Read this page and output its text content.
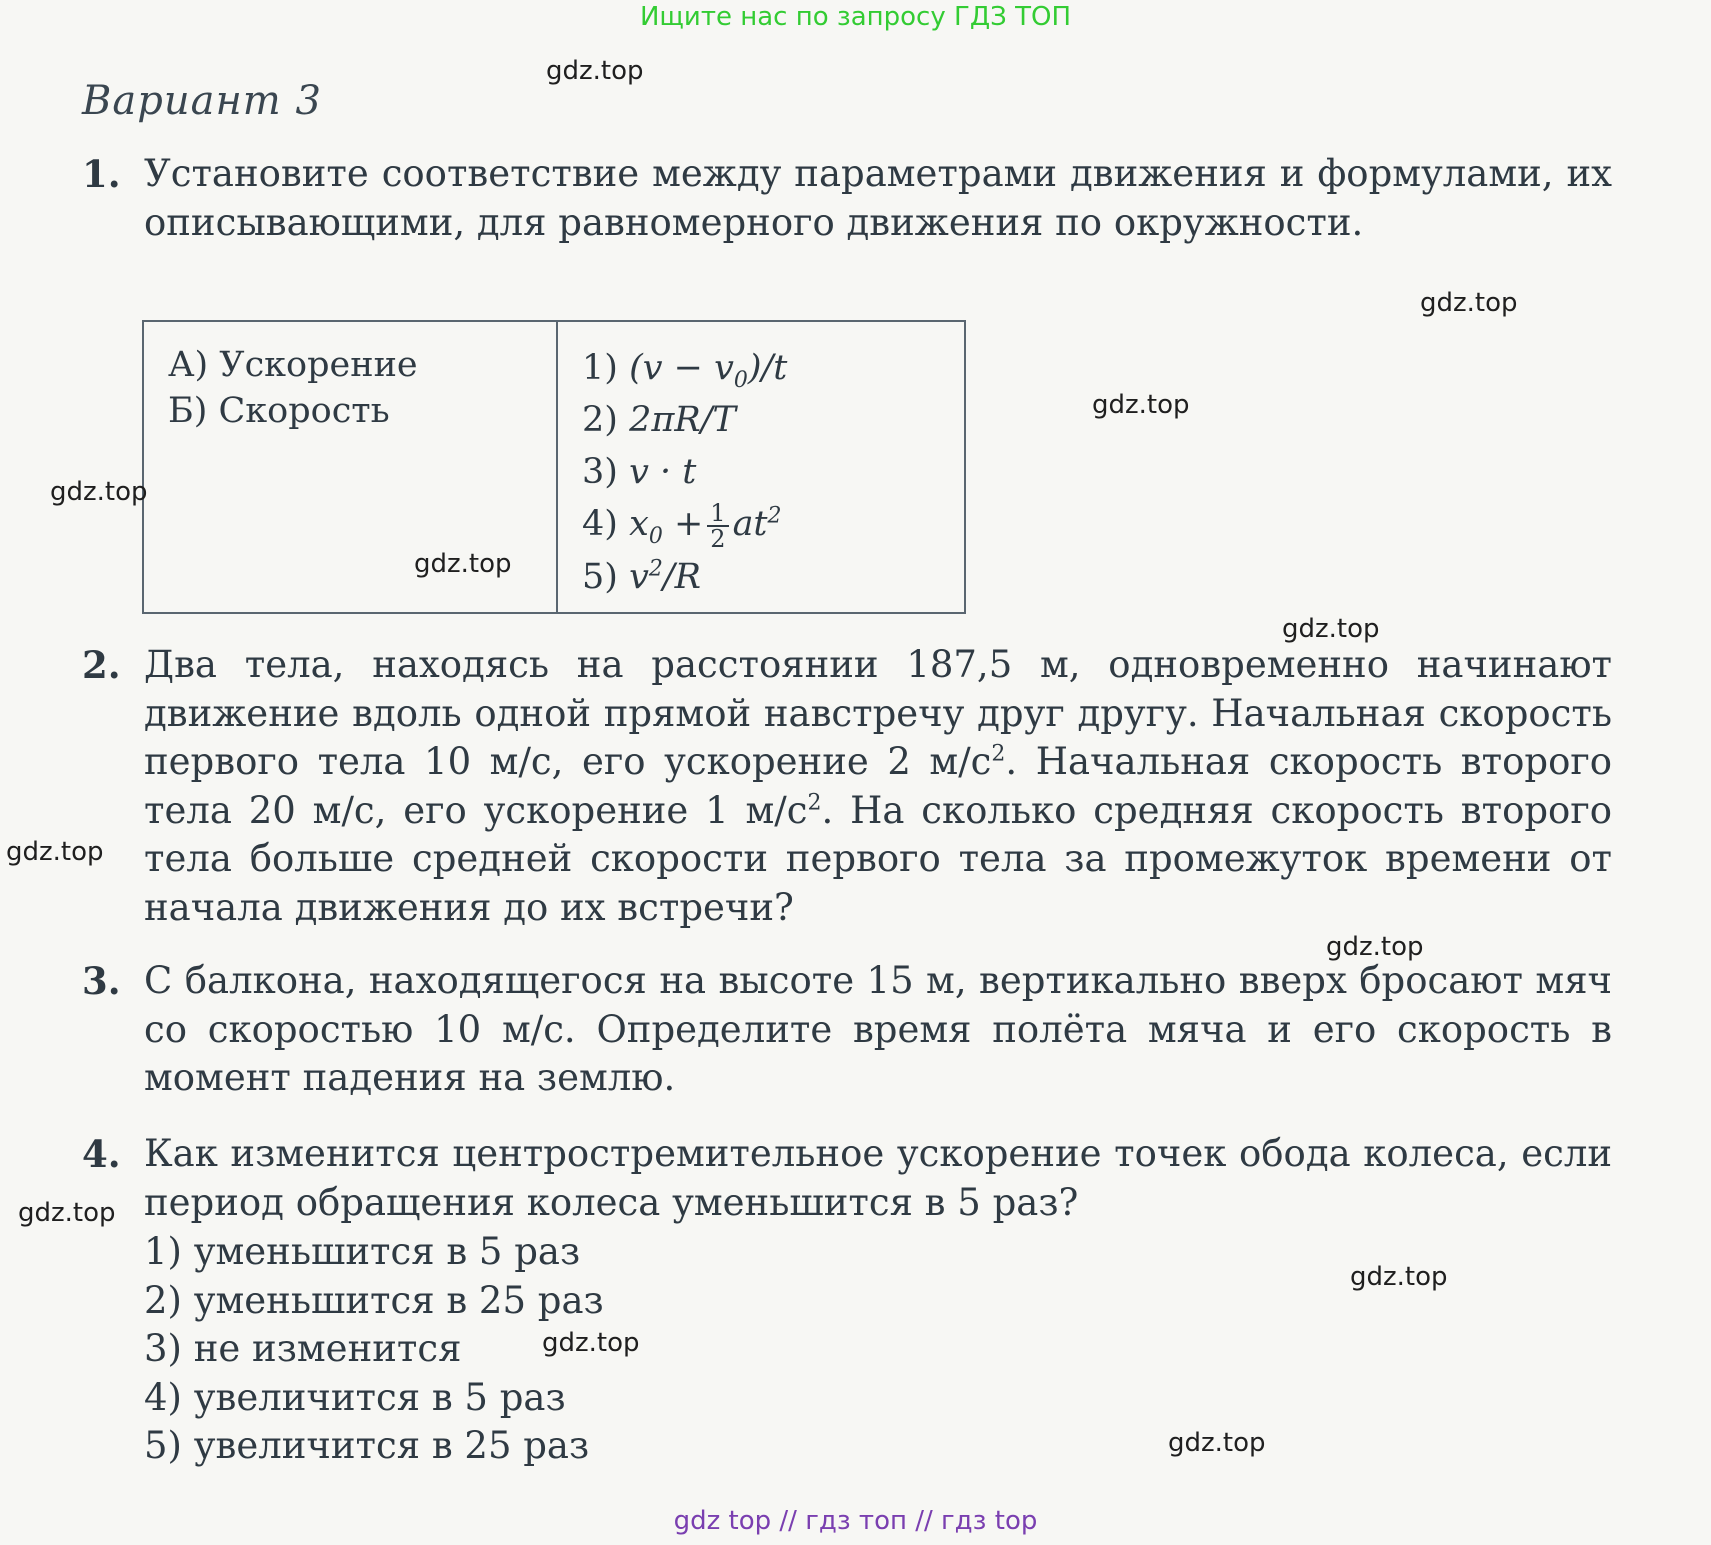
Ищите нас по запросу ГДЗ ТОП
Вариант 3
1. Установите соответствие между параметрами движения и формулами, их описывающими, для равномерного движения по окружности.
А) Ускорение
Б) Скорость

1) $(v - v_0)/t$
2) 2πR/T
3) v · t
4) $x_0 + \frac{1}{2} at^2$
5) $v^2/R$
2. Два тела, находясь на расстоянии 187,5 м, одновременно начинают движение вдоль одной прямой навстречу друг другу. Начальная скорость первого тела 10 м/с, его ускорение 2 $м/с^2$. Начальная скорость второго тела 20 м/с, его ускорение 1 $м/с^2$. На сколько средняя скорость второго тела больше средней скорости первого тела за промежуток времени от начала движения до их встречи?
3. С балкона, находящегося на высоте 15 м, вертикально вверх бросают мяч со скоростью 10 м/с. Определите время полёта мяча и его скорость в момент падения на землю.
4. Как изменится центростремительное ускорение точек обода колеса, если период обращения колеса уменьшится в 5 раз?
1) уменьшится в 5 раз
2) уменьшится в 25 раз
3) не изменится
4) увеличится в 5 раз
5) увеличится в 25 раз
gdz.top
gdz.top
gdz.top
gdz.top
gdz.top
gdz.top
gdz.top
gdz.top
gdz.top
gdz.top
gdz.top
gdz.top
gdz top // гдз топ // гдз top
